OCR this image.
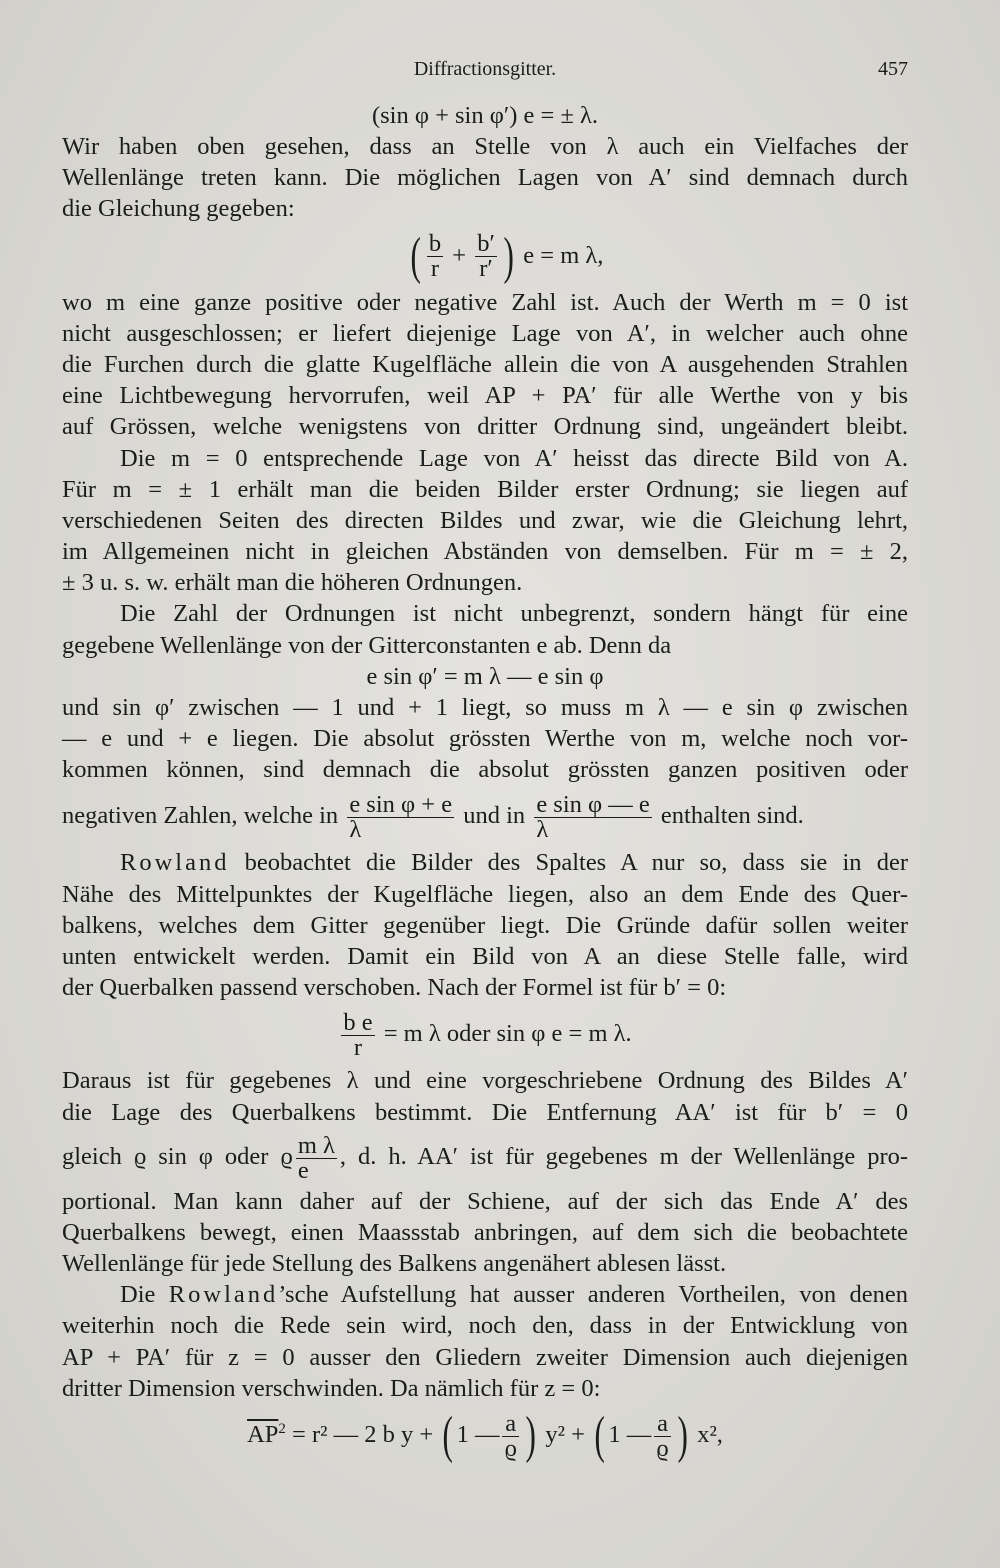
Diffractionsgitter.	457
(sin φ + sin φ′) e = ± λ.
Wir haben oben gesehen, dass an Stelle von λ auch ein Vielfaches der
Wellenlänge treten kann. Die möglichen Lagen von A′ sind demnach durch
die Gleichung gegeben:
( $\frac{b}{r} + \frac{b'}{r'}$ ) e = m λ,
wo m eine ganze positive oder negative Zahl ist. Auch der Werth m = 0 ist
nicht ausgeschlossen; er liefert diejenige Lage von A′, in welcher auch ohne
die Furchen durch die glatte Kugelfläche allein die von A ausgehenden Strahlen
eine Lichtbewegung hervorrufen, weil AP + PA′ für alle Werthe von y bis
auf Grössen, welche wenigstens von dritter Ordnung sind, ungeändert bleibt.
Die m = 0 entsprechende Lage von A′ heisst das directe Bild von A.
Für m = ± 1 erhält man die beiden Bilder erster Ordnung; sie liegen auf
verschiedenen Seiten des directen Bildes und zwar, wie die Gleichung lehrt,
im Allgemeinen nicht in gleichen Abständen von demselben. Für m = ± 2,
± 3 u. s. w. erhält man die höheren Ordnungen.
Die Zahl der Ordnungen ist nicht unbegrenzt, sondern hängt für eine
gegebene Wellenlänge von der Gitterconstanten e ab. Denn da
e sin φ′ = m λ — e sin φ
und sin φ′ zwischen — 1 und + 1 liegt, so muss m λ — e sin φ zwischen
— e und + e liegen. Die absolut grössten Werthe von m, welche noch vor-
kommen können, sind demnach die absolut grössten ganzen positiven oder
negativen Zahlen, welche in $\frac{\text{e sin φ + e}}{\lambda}$ und in $\frac{\text{e sin φ — e}}{\lambda}$ enthalten sind.
Rowland beobachtet die Bilder des Spaltes A nur so, dass sie in der
Nähe des Mittelpunktes der Kugelfläche liegen, also an dem Ende des Quer-
balkens, welches dem Gitter gegenüber liegt. Die Gründe dafür sollen weiter
unten entwickelt werden. Damit ein Bild von A an diese Stelle falle, wird
der Querbalken passend verschoben. Nach der Formel ist für b′ = 0:
$\frac{\text{b e}}{r} = m$ λ oder sin φ e = m λ.
Daraus ist für gegebenes λ und eine vorgeschriebene Ordnung des Bildes A′
die Lage des Querbalkens bestimmt. Die Entfernung AA′ ist für b′ = 0
gleich ϱ sin φ oder ϱ $\frac{\text{m λ}}{e}$ , d. h. AA′ ist für gegebenes m der Wellenlänge pro-
portional. Man kann daher auf der Schiene, auf der sich das Ende A′ des
Querbalkens bewegt, einen Maassstab anbringen, auf dem sich die beobachtete
Wellenlänge für jede Stellung des Balkens angenähert ablesen lässt.
Die Rowland’sche Aufstellung hat ausser anderen Vortheilen, von denen
weiterhin noch die Rede sein wird, noch den, dass in der Entwicklung von
AP + PA′ für z = 0 ausser den Gliedern zweiter Dimension auch diejenigen
dritter Dimension verschwinden. Da nämlich für z = 0:
$\overline{AP}^2 = r^2$ — 2 b y + ( 1 — $\frac{a}{ϱ}$ ) y² + ( 1 — $\frac{a}{ϱ}$ ) x²,
